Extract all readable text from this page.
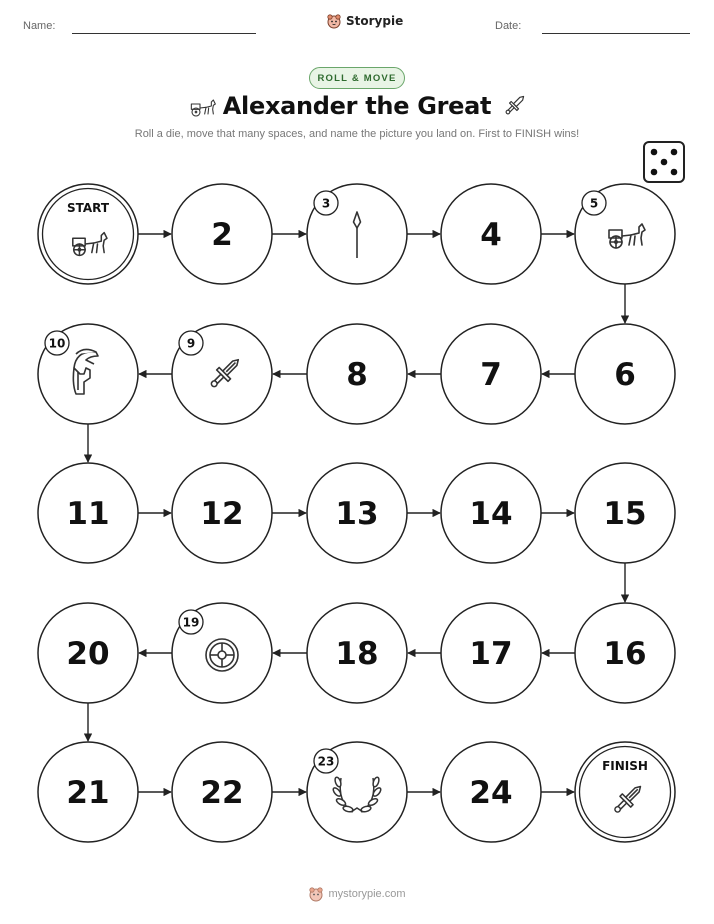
Name:	Storypie	Date:
ROLL & MOVE
Alexander the Great
Roll a die, move that many spaces, and name the picture you land on. First to FINISH wins!
START
2
3
4
5
6
7
8
9
10
11	12	13	14	15
16
17
18
19
20
21	22
23
24
FINISH
mystorypie.com
